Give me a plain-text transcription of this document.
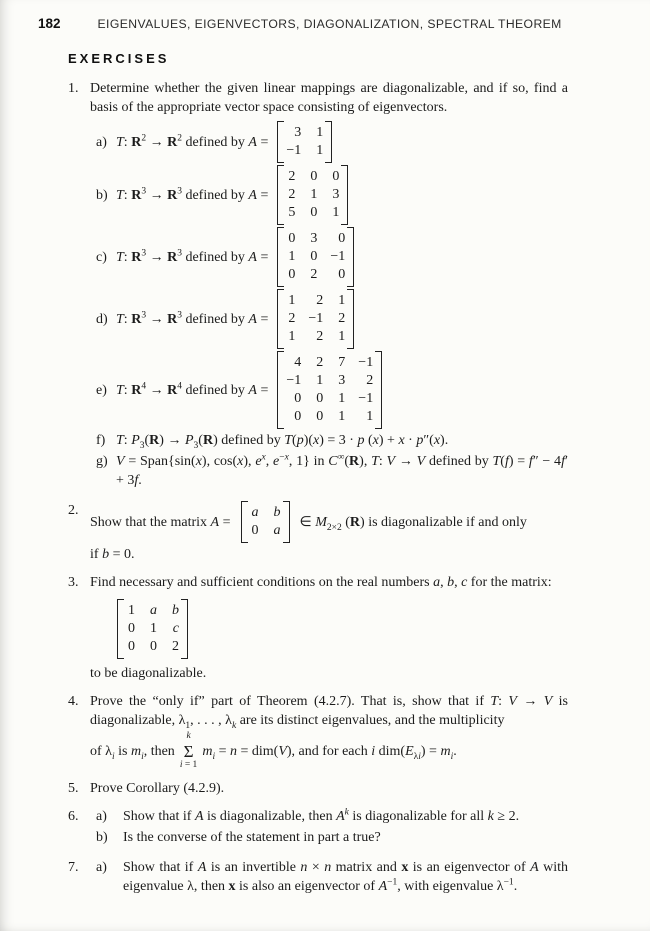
182	EIGENVALUES, EIGENVECTORS, DIAGONALIZATION, SPECTRAL THEOREM
EXERCISES
1. Determine whether the given linear mappings are diagonalizable, and if so, find a basis of the appropriate vector space consisting of eigenvectors.

a) T: $R^2 \to R^2$ defined by A =
3 1
−1 1
b) T: $R^3 \to R^3$ defined by A =
2 0 0
2 1 3
5 0 1
c) T: $R^3 \to R^3$ defined by A =
0 3	0
1 0 −1
0 2	0
d) T: $R^3 \to R^3$ defined by A =
1	2 1
2 −1 2
1	2 1
e) T: $R^4 \to R^4$ defined by A =
4 2 7 −1
−1 1 3	2
0 0 1 −1
0 0 1	1
f) T: $P_3(R) \to P_3(R)$ defined by T(p)(x) = 3 · p (x) + x · p″(x).

g) V = Span{sin(x), cos(x), $e^x$, $e^{-x}$, 1} in C∞(R), T: V → V defined by T(f) = f″ − 4f′ + 3f.

2.
Show that the matrix A =
a b
0 a
∈ $M_{2\times 2}$ (R) is diagonalizable if and only

if b = 0.

3. Find necessary and sufficient conditions on the real numbers a, b, c for the matrix:

1 a b
0 1 c
0 0 2

to be diagonalizable.

4. Prove the “only if” part of Theorem (4.2.7). That is, show that if T: V → V is diagonalizable, $\lambda_1$, . . . , $\lambda_k$ are its distinct eigenvalues, and the multiplicity

of $\lambda_i$ is $m_i$, then
k
Σ
i = 1
$m_i = n = dim(V)$, and for each i $dim(E_{\lambda i}) = m_i$.
5. Prove Corollary (4.2.9).

6.	a)	Show that if A is diagonalizable, then $A^k$ is diagonalizable for all k ≥ 2.

b)	Is the converse of the statement in part a true?

7.	a)	Show that if A is an invertible n × n matrix and x is an eigenvector of A with eigenvalue λ, then x is also an eigenvector of $A^{-1}$, with eigenvalue $\lambda^{-1}$.
